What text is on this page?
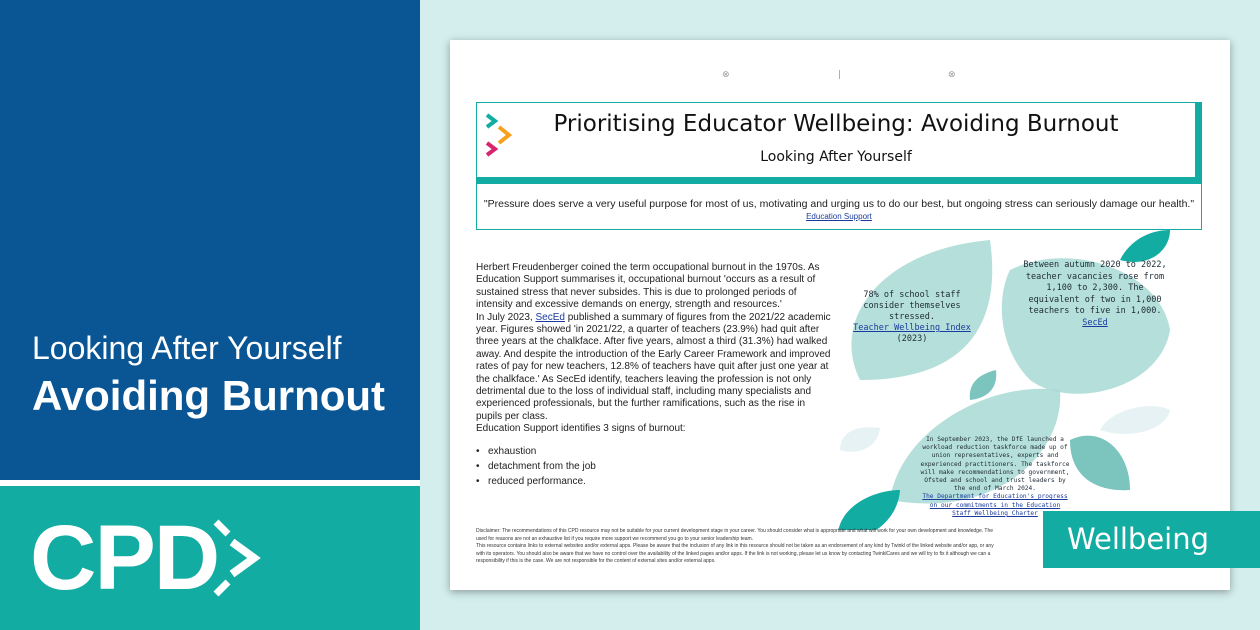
Looking After Yourself
Avoiding Burnout
CPD
⊗	|	⊗
Prioritising Educator Wellbeing: Avoiding Burnout
Looking After Yourself
"Pressure does serve a very useful purpose for most of us, motivating and urging us to do our best, but ongoing stress can seriously damage our health."
Education Support

Herbert Freudenberger coined the term occupational burnout in the 1970s. As Education Support summarises it, occupational burnout 'occurs as a result of sustained stress that never subsides. This is due to prolonged periods of intensity and excessive demands on energy, strength and resources.'

In July 2023, SecEd published a summary of figures from the 2021/22 academic year. Figures showed 'in 2021/22, a quarter of teachers (23.9%) had quit after three years at the chalkface. After five years, almost a third (31.3%) had walked away. And despite the introduction of the Early Career Framework and improved rates of pay for new teachers, 12.8% of teachers have quit after just one year at the chalkface.' As SecEd identify, teachers leaving the profession is not only detrimental due to the loss of individual staff, including many specialists and experienced professionals, but the further ramifications, such as the rise in pupils per class.

Education Support identifies 3 signs of burnout:

• exhaustion
• detachment from the job
• reduced performance.
78% of school staff consider themselves stressed.
Teacher Wellbeing Index
(2023)
Between autumn 2020 to 2022, teacher vacancies rose from 1,100 to 2,300. The equivalent of two in 1,000 teachers to five in 1,000.
SecEd
In September 2023, the DfE launched a workload reduction taskforce made up of union representatives, experts and experienced practitioners. The taskforce will make recommendations to government, Ofsted and school and trust leaders by the end of March 2024.
The Department for Education's progress on our commitments in the Education Staff Wellbeing Charter

Disclaimer: The recommendations of this CPD resource may not be suitable for your current development stage in your career. You should consider what is appropriate and what will work for your own development and knowledge. The

used for reasons are not an exhaustive list if you require more support we recommend you go to your senior leadership team.

This resource contains links to external websites and/or external apps. Please be aware that the inclusion of any link in this resource should not be taken as an endorsement of any kind by Twinkl of the linked website and/or app, or any

with its operators. You should also be aware that we have no control over the availability of the linked pages and/or apps. If the link is not working, please let us know by contacting TwinklCares and we will try to fix it although we can a

responsibility if this is the case. We are not responsible for the content of external sites and/or external apps.

Wellbeing
